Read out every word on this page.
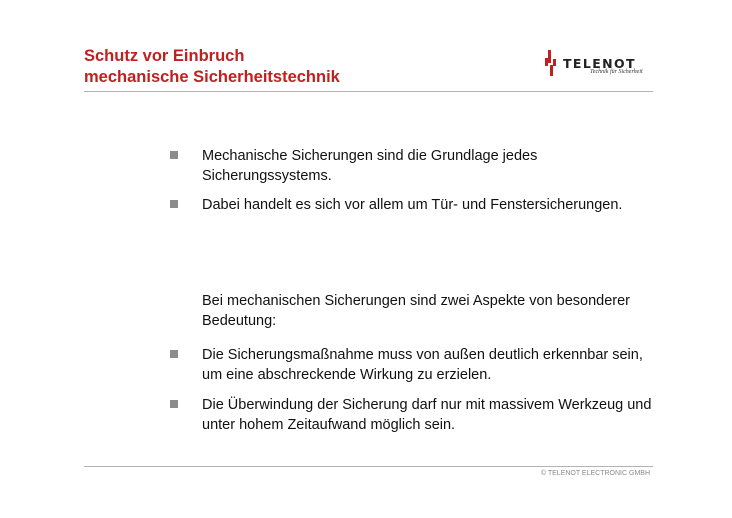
Schutz vor Einbruch
mechanische Sicherheitstechnik
TELENOT
Technik für Sicherheit
Mechanische Sicherungen sind die Grundlage jedes Sicherungssystems.
Dabei handelt es sich vor allem um Tür- und Fenstersicherungen.
Bei mechanischen Sicherungen sind zwei Aspekte von besonderer Bedeutung:
Die Sicherungsmaßnahme muss von außen deutlich erkennbar sein, um eine abschreckende Wirkung zu erzielen.
Die Überwindung der Sicherung darf nur mit massivem Werkzeug und unter hohem Zeitaufwand möglich sein.
© TELENOT ELECTRONIC GMBH
